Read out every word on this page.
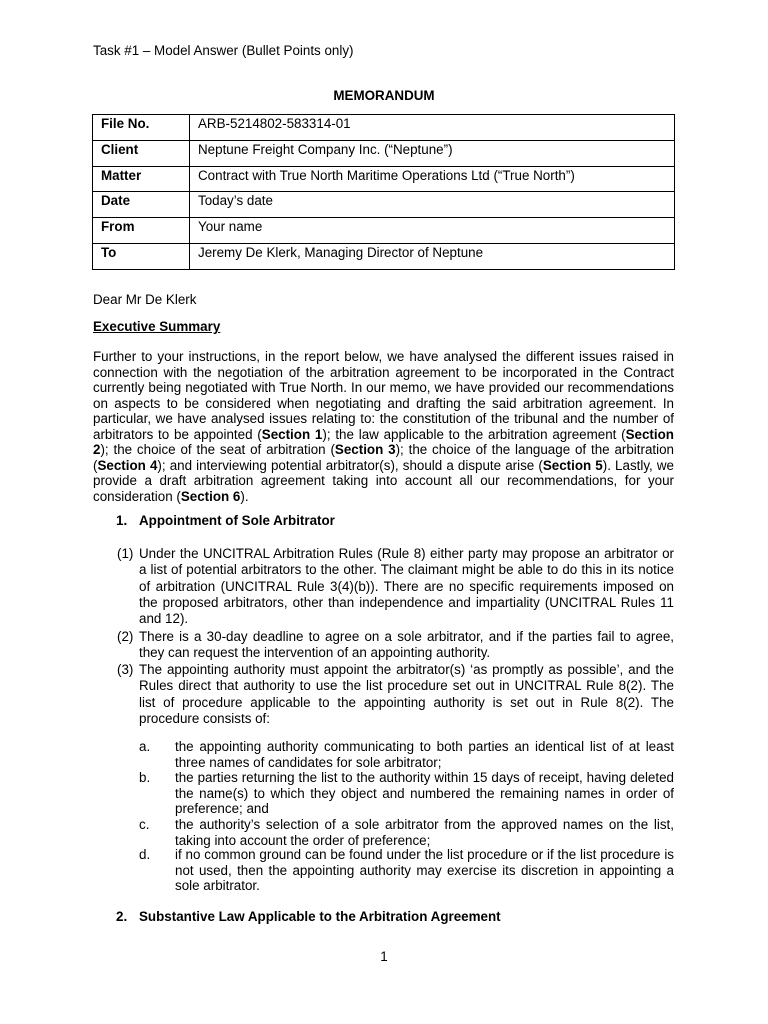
Task #1 – Model Answer (Bullet Points only)
MEMORANDUM
File No.	ARB-5214802-583314-01
Client	Neptune Freight Company Inc. (“Neptune”)
Matter	Contract with True North Maritime Operations Ltd (“True North”)
Date	Today’s date
From	Your name
To	Jeremy De Klerk, Managing Director of Neptune
Dear Mr De Klerk
Executive Summary
Further to your instructions, in the report below, we have analysed the different issues raised in connection with the negotiation of the arbitration agreement to be incorporated in the Contract currently being negotiated with True North. In our memo, we have provided our recommendations on aspects to be considered when negotiating and drafting the said arbitration agreement. In particular, we have analysed issues relating to: the constitution of the tribunal and the number of arbitrators to be appointed (Section 1); the law applicable to the arbitration agreement (Section 2); the choice of the seat of arbitration (Section 3); the choice of the language of the arbitration (Section 4); and interviewing potential arbitrator(s), should a dispute arise (Section 5). Lastly, we provide a draft arbitration agreement taking into account all our recommendations, for your consideration (Section 6).
1. Appointment of Sole Arbitrator
(1) Under the UNCITRAL Arbitration Rules (Rule 8) either party may propose an arbitrator or a list of potential arbitrators to the other. The claimant might be able to do this in its notice of arbitration (UNCITRAL Rule 3(4)(b)). There are no specific requirements imposed on the proposed arbitrators, other than independence and impartiality (UNCITRAL Rules 11 and 12).
(2) There is a 30-day deadline to agree on a sole arbitrator, and if the parties fail to agree, they can request the intervention of an appointing authority.
(3) The appointing authority must appoint the arbitrator(s) ‘as promptly as possible’, and the Rules direct that authority to use the list procedure set out in UNCITRAL Rule 8(2). The list of procedure applicable to the appointing authority is set out in Rule 8(2). The procedure consists of:
a. the appointing authority communicating to both parties an identical list of at least three names of candidates for sole arbitrator;
b. the parties returning the list to the authority within 15 days of receipt, having deleted the name(s) to which they object and numbered the remaining names in order of preference; and
c. the authority’s selection of a sole arbitrator from the approved names on the list, taking into account the order of preference;
d. if no common ground can be found under the list procedure or if the list procedure is not used, then the appointing authority may exercise its discretion in appointing a sole arbitrator.
2. Substantive Law Applicable to the Arbitration Agreement
1
